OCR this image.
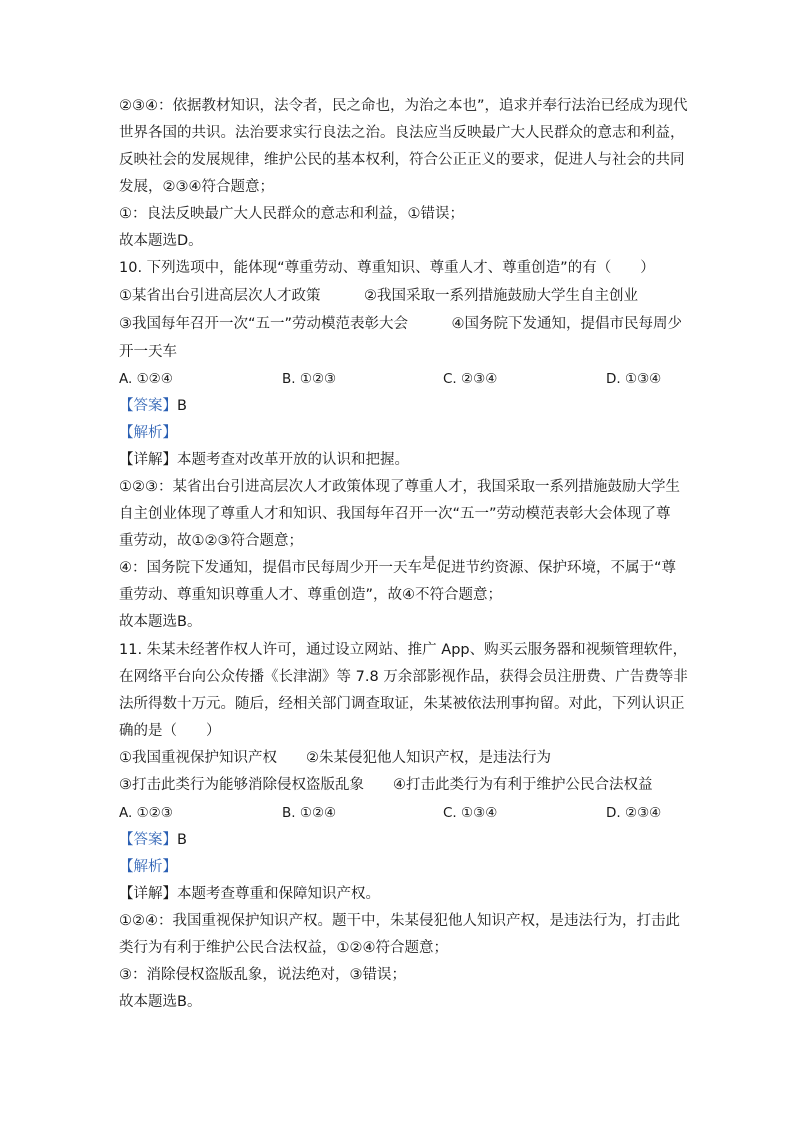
②③④：依据教材知识，法令者，民之命也，为治之本也”，追求并奉行法治已经成为现代
世界各国的共识。法治要求实行良法之治。良法应当反映最广大人民群众的意志和利益，
反映社会的发展规律，维护公民的基本权利，符合公正正义的要求，促进人与社会的共同
发展，②③④符合题意；
①：良法反映最广大人民群众的意志和利益，①错误；
故本题选D。
10. 下列选项中，能体现“尊重劳动、尊重知识、尊重人才、尊重创造”的有（　　）
①某省出台引进高层次人才政策　　　②我国采取一系列措施鼓励大学生自主创业
③我国每年召开一次“五一”劳动模范表彰大会　　　④国务院下发通知，提倡市民每周少
开一天车
A. ①②④	B. ①②③	C. ②③④	D. ①③④
【答案】B
【解析】
【详解】本题考查对改革开放的认识和把握。
①②③：某省出台引进高层次人才政策体现了尊重人才，我国采取一系列措施鼓励大学生
自主创业体现了尊重人才和知识、我国每年召开一次“五一”劳动模范表彰大会体现了尊
重劳动，故①②③符合题意；
④：国务院下发通知，提倡市民每周少开一天车是促进节约资源、保护环境，不属于“尊
重劳动、尊重知识尊重人才、尊重创造”，故④不符合题意；
故本题选B。
11. 朱某未经著作权人许可，通过设立网站、推广 App、购买云服务器和视频管理软件，
在网络平台向公众传播《长津湖》等 7.8 万余部影视作品，获得会员注册费、广告费等非
法所得数十万元。随后，经相关部门调查取证，朱某被依法刑事拘留。对此，下列认识正
确的是（　　）
①我国重视保护知识产权　　②朱某侵犯他人知识产权，是违法行为
③打击此类行为能够消除侵权盗版乱象　　④打击此类行为有利于维护公民合法权益
A. ①②③	B. ①②④	C. ①③④	D. ②③④
【答案】B
【解析】
【详解】本题考查尊重和保障知识产权。
①②④：我国重视保护知识产权。题干中，朱某侵犯他人知识产权，是违法行为，打击此
类行为有利于维护公民合法权益，①②④符合题意；
③：消除侵权盗版乱象，说法绝对，③错误；
故本题选B。
